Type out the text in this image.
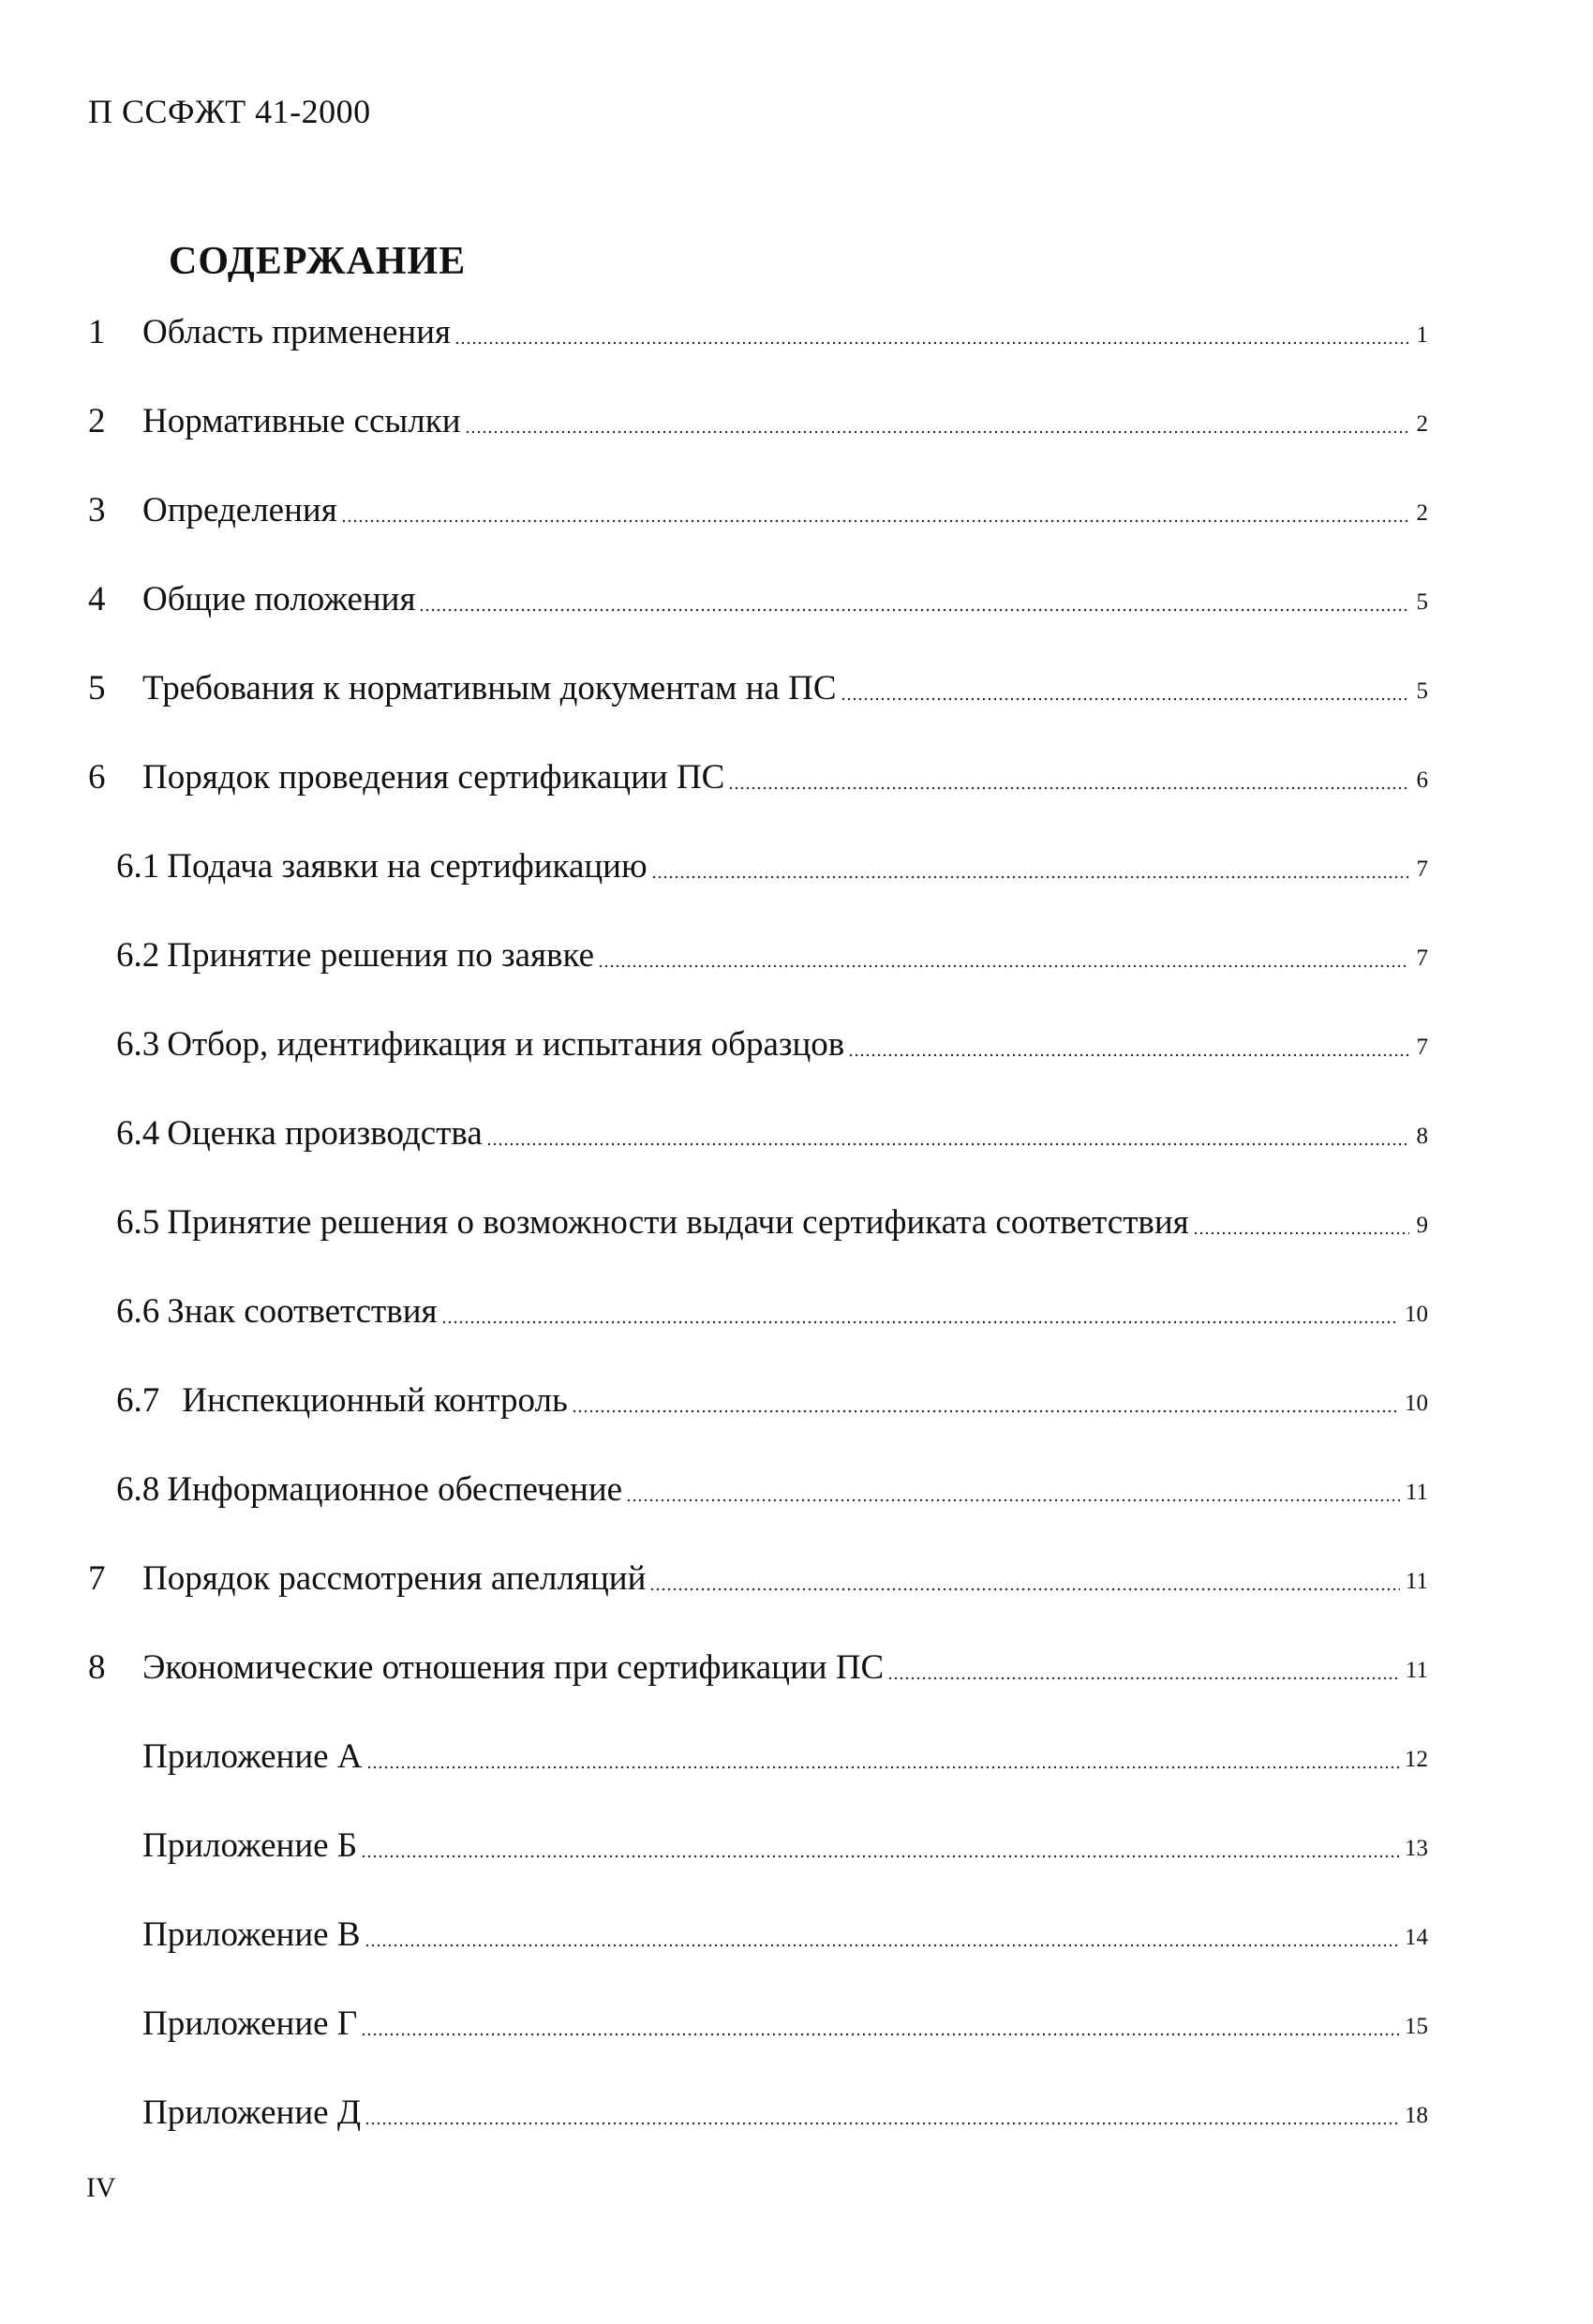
П ССФЖТ 41-2000
СОДЕРЖАНИЕ
1	Область применения	1
2	Нормативные ссылки	2
3	Определения	2
4	Общие положения	5
5	Требования к нормативным документам на ПС	5
6	Порядок проведения сертификации ПС	6
6.1 Подача заявки на сертификацию	7
6.2 Принятие решения по заявке	7
6.3 Отбор, идентификация и испытания образцов	7
6.4 Оценка производства	8
6.5 Принятие решения о возможности выдачи сертификата соответствия	9
6.6 Знак соответствия	10
6.7 Инспекционный контроль	10
6.8 Информационное обеспечение	11
7	Порядок рассмотрения апелляций	11
8	Экономические отношения при сертификации ПС	11
Приложение А	12
Приложение Б	13
Приложение В	14
Приложение Г	15
Приложение Д	18
IV
